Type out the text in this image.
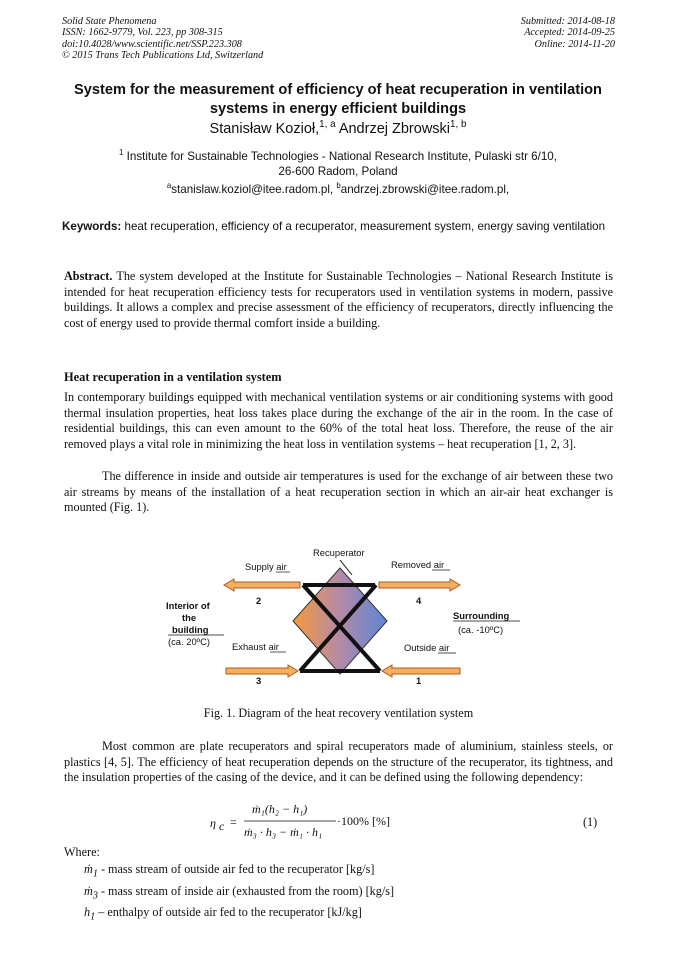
Solid State Phenomena
ISSN: 1662-9779, Vol. 223, pp 308-315
doi:10.4028/www.scientific.net/SSP.223.308
© 2015 Trans Tech Publications Ltd, Switzerland
Submitted: 2014-08-18
Accepted: 2014-09-25
Online: 2014-11-20
System for the measurement of efficiency of heat recuperation in ventilation systems in energy efficient buildings
Stanisław Kozioł,$^{1, a}$ Andrzej Zbrowski$^{1, b}$
$^1$ Institute for Sustainable Technologies - National Research Institute, Pulaski str 6/10,
26-600 Radom, Poland
$^a$stanislaw.koziol@itee.radom.pl, $^b$andrzej.zbrowski@itee.radom.pl,
Keywords: heat recuperation, efficiency of a recuperator, measurement system, energy saving ventilation
Abstract. The system developed at the Institute for Sustainable Technologies – National Research Institute is intended for heat recuperation efficiency tests for recuperators used in ventilation systems in modern, passive buildings. It allows a complex and precise assessment of the efficiency of recuperators, directly influencing the cost of energy used to provide thermal comfort inside a building.
Heat recuperation in a ventilation system
In contemporary buildings equipped with mechanical ventilation systems or air conditioning systems with good thermal insulation properties, heat loss takes place during the exchange of the air in the room. In the case of residential buildings, this can even amount to the 60% of the total heat loss. Therefore, the reuse of the air removed plays a vital role in minimizing the heat loss in ventilation systems – heat recuperation [1, 2, 3].
The difference in inside and outside air temperatures is used for the exchange of air between these two air streams by means of the installation of a heat recuperation section in which an air-air heat exchanger is mounted (Fig. 1).
Recuperator
Supply air	Removed air
Exhaust air	Outside air
2	4
3	1
Interior of
the
building
(ca. 20ºC)
Surrounding
(ca. -10ºC)
Fig. 1. Diagram of the heat recovery ventilation system
Most common are plate recuperators and spiral recuperators made of aluminium, stainless steels, or plastics [4, 5]. The efficiency of heat recuperation depends on the structure of the recuperator, its tightness, and the insulation properties of the casing of the device, and it can be defined using the following dependency:
η c =
ṁ₁(h₂ − h₁)
ṁ₃ · h₃ − ṁ₁ · h₁
·100% [%]	(1)
Where:
ṁ$_1$ - mass stream of outside air fed to the recuperator [kg/s]
ṁ$_3$ - mass stream of inside air (exhausted from the room) [kg/s]
$h_1$ – enthalpy of outside air fed to the recuperator [kJ/kg]
